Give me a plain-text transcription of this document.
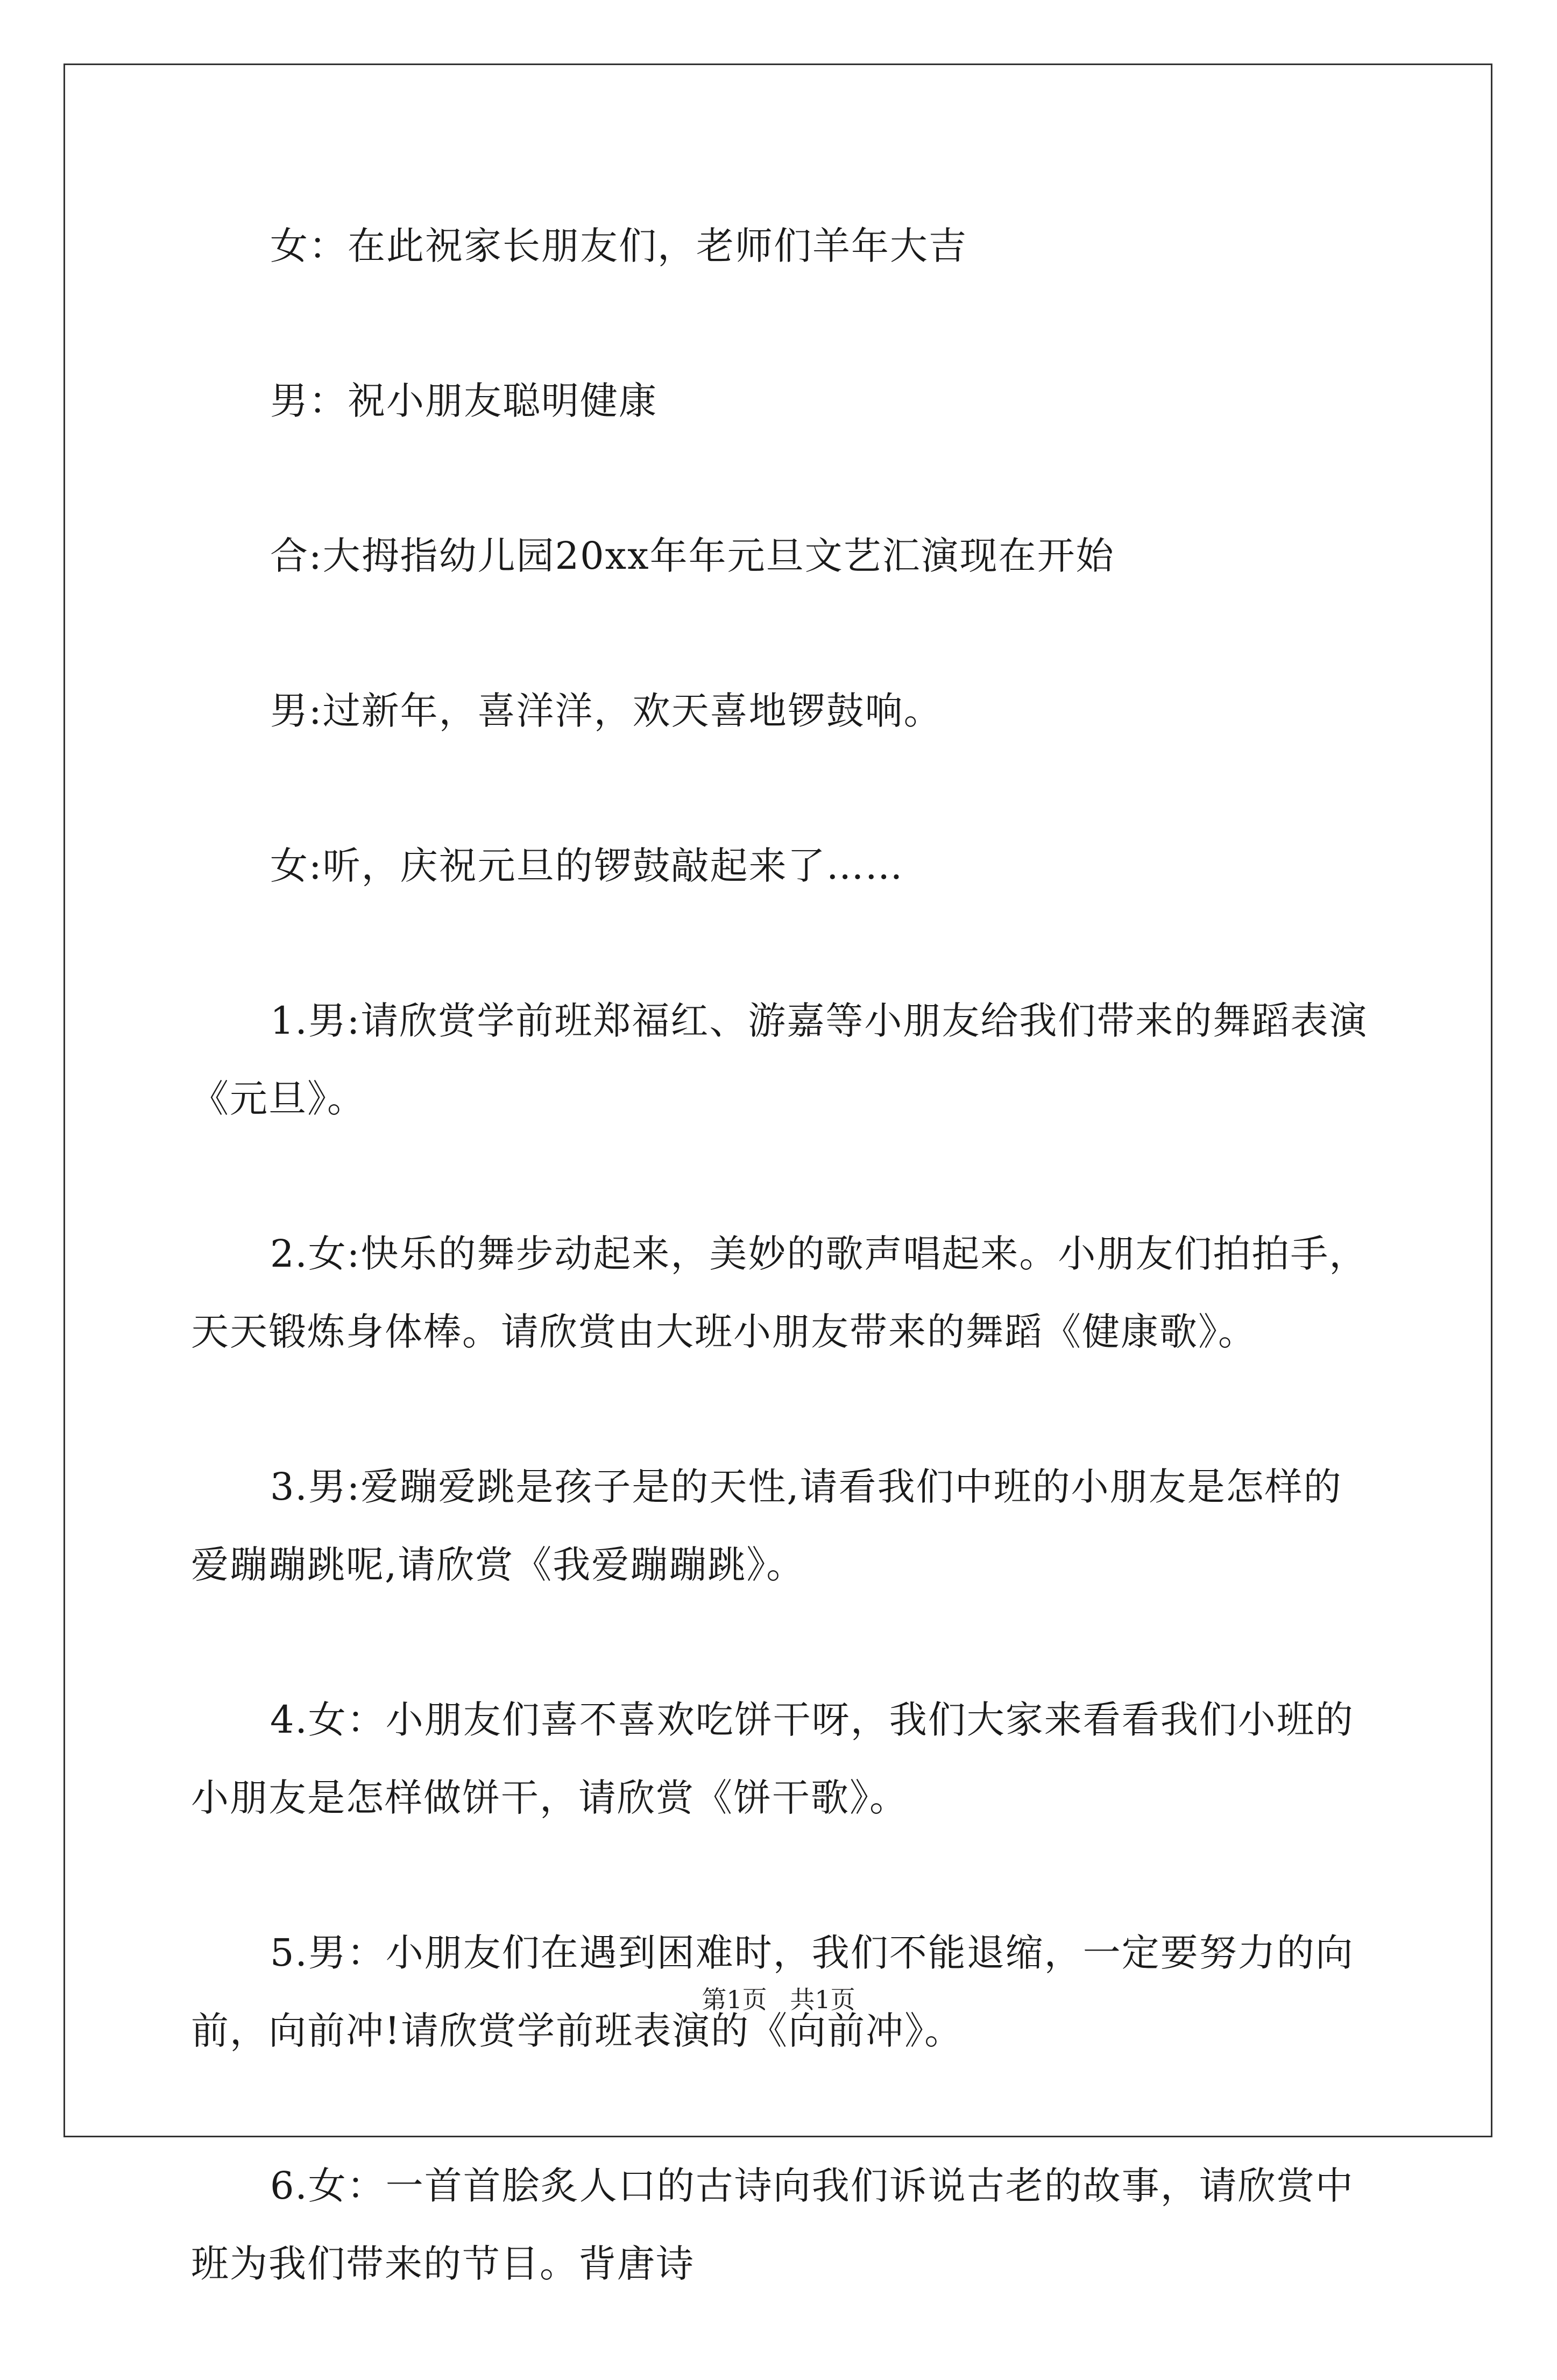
女：在此祝家长朋友们，老师们羊年大吉

男：祝小朋友聪明健康

合:大拇指幼儿园20xx年年元旦文艺汇演现在开始

男:过新年，喜洋洋，欢天喜地锣鼓响。

女:听，庆祝元旦的锣鼓敲起来了……

1.男:请欣赏学前班郑福红、游嘉等小朋友给我们带来的舞蹈表演《元旦》。

2.女:快乐的舞步动起来，美妙的歌声唱起来。小朋友们拍拍手，天天锻炼身体棒。请欣赏由大班小朋友带来的舞蹈《健康歌》。

3.男:爱蹦爱跳是孩子是的天性,请看我们中班的小朋友是怎样的爱蹦蹦跳呢,请欣赏《我爱蹦蹦跳》。

4.女：小朋友们喜不喜欢吃饼干呀，我们大家来看看我们小班的小朋友是怎样做饼干，请欣赏《饼干歌》。

5.男：小朋友们在遇到困难时，我们不能退缩，一定要努力的向前，向前冲!请欣赏学前班表演的《向前冲》。

6.女：一首首脍炙人口的古诗向我们诉说古老的故事，请欣赏中班为我们带来的节目。背唐诗

第1页 共1页
